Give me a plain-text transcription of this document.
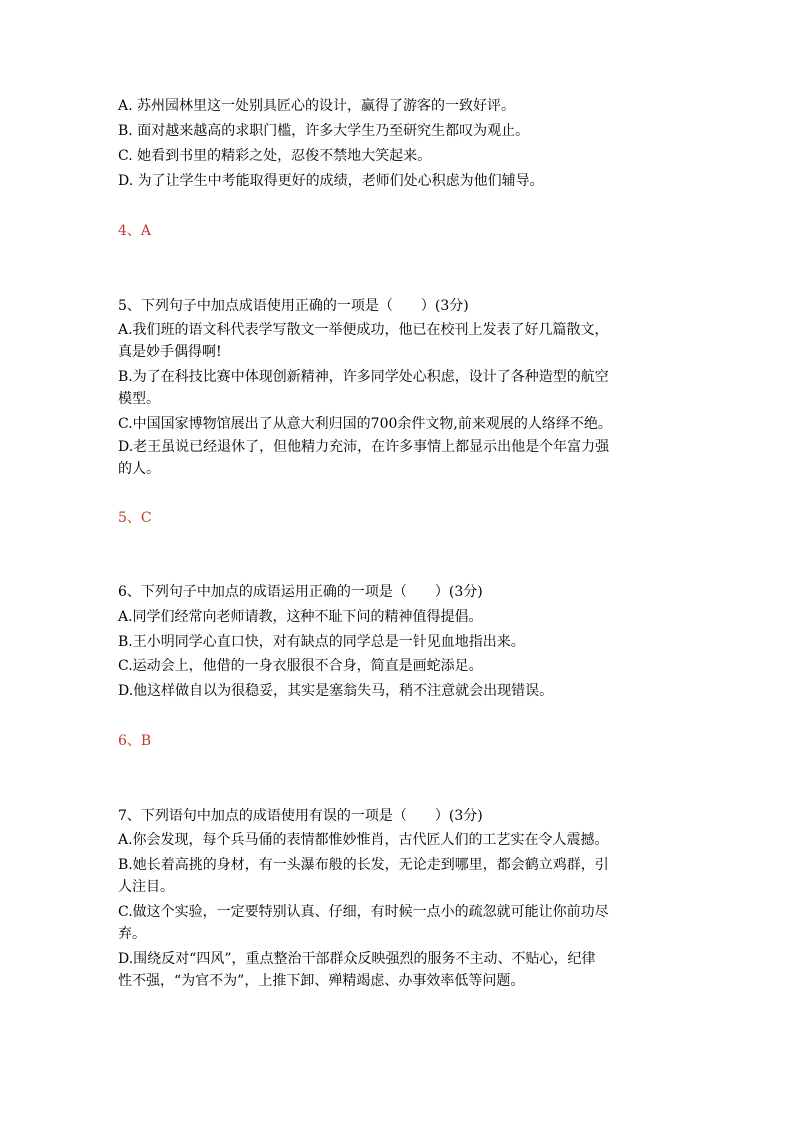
A. 苏州园林里这一处别具匠心的设计，赢得了游客的一致好评。
B. 面对越来越高的求职门槛，许多大学生乃至研究生都叹为观止。
C. 她看到书里的精彩之处，忍俊不禁地大笑起来。
D. 为了让学生中考能取得更好的成绩，老师们处心积虑为他们辅导。
4、A
5、下列句子中加点成语使用正确的一项是（　　）(3分)
A.我们班的语文科代表学写散文一举便成功，他已在校刊上发表了好几篇散文，
真是妙手偶得啊!
B.为了在科技比赛中体现创新精神，许多同学处心积虑，设计了各种造型的航空
模型。
C.中国国家博物馆展出了从意大利归国的700余件文物,前来观展的人络绎不绝。
D.老王虽说已经退休了，但他精力充沛，在许多事情上都显示出他是个年富力强
的人。
5、C
6、下列句子中加点的成语运用正确的一项是（　　）(3分)
A.同学们经常向老师请教，这种不耻下问的精神值得提倡。
B.王小明同学心直口快，对有缺点的同学总是一针见血地指出来。
C.运动会上，他借的一身衣服很不合身，简直是画蛇添足。
D.他这样做自以为很稳妥，其实是塞翁失马，稍不注意就会出现错误。
6、B
7、下列语句中加点的成语使用有误的一项是（　　）(3分)
A.你会发现，每个兵马俑的表情都惟妙惟肖，古代匠人们的工艺实在令人震撼。
B.她长着高挑的身材，有一头瀑布般的长发，无论走到哪里，都会鹤立鸡群，引
人注目。
C.做这个实验，一定要特别认真、仔细，有时候一点小的疏忽就可能让你前功尽
弃。
D.围绕反对“四风”，重点整治干部群众反映强烈的服务不主动、不贴心，纪律
性不强，“为官不为”，上推下卸、殚精竭虑、办事效率低等问题。
